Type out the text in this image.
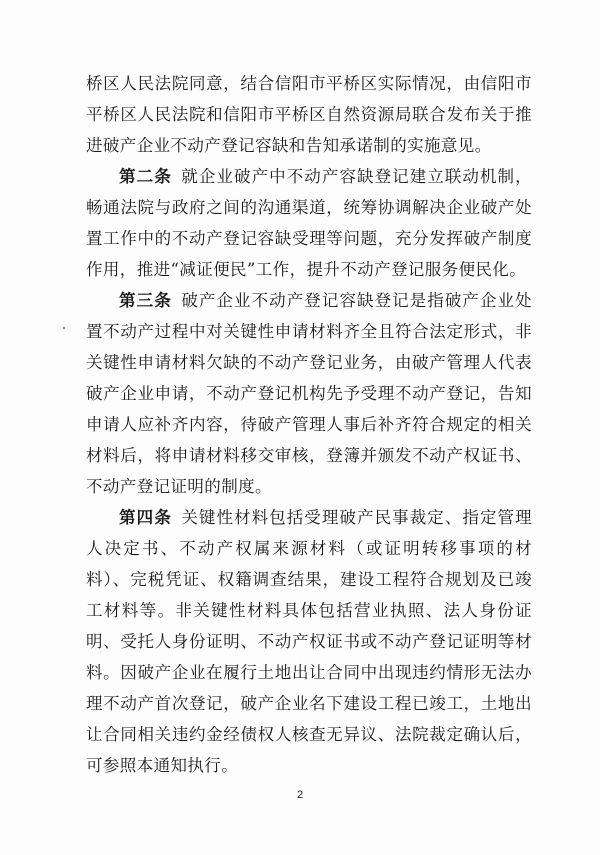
桥区人民法院同意，结合信阳市平桥区实际情况，由信阳市平桥区人民法院和信阳市平桥区自然资源局联合发布关于推进破产企业不动产登记容缺和告知承诺制的实施意见。

第二条  就企业破产中不动产容缺登记建立联动机制，畅通法院与政府之间的沟通渠道，统筹协调解决企业破产处置工作中的不动产登记容缺受理等问题，充分发挥破产制度作用，推进“减证便民”工作，提升不动产登记服务便民化。

第三条  破产企业不动产登记容缺登记是指破产企业处置不动产过程中对关键性申请材料齐全且符合法定形式，非关键性申请材料欠缺的不动产登记业务，由破产管理人代表破产企业申请，不动产登记机构先予受理不动产登记，告知申请人应补齐内容，待破产管理人事后补齐符合规定的相关材料后，将申请材料移交审核，登簿并颁发不动产权证书、不动产登记证明的制度。

第四条  关键性材料包括受理破产民事裁定、指定管理人决定书、不动产权属来源材料（或证明转移事项的材料）、完税凭证、权籍调查结果，建设工程符合规划及已竣工材料等。非关键性材料具体包括营业执照、法人身份证明、受托人身份证明、不动产权证书或不动产登记证明等材料。因破产企业在履行土地出让合同中出现违约情形无法办理不动产首次登记，破产企业名下建设工程已竣工，土地出让合同相关违约金经债权人核查无异议、法院裁定确认后，可参照本通知执行。

2
